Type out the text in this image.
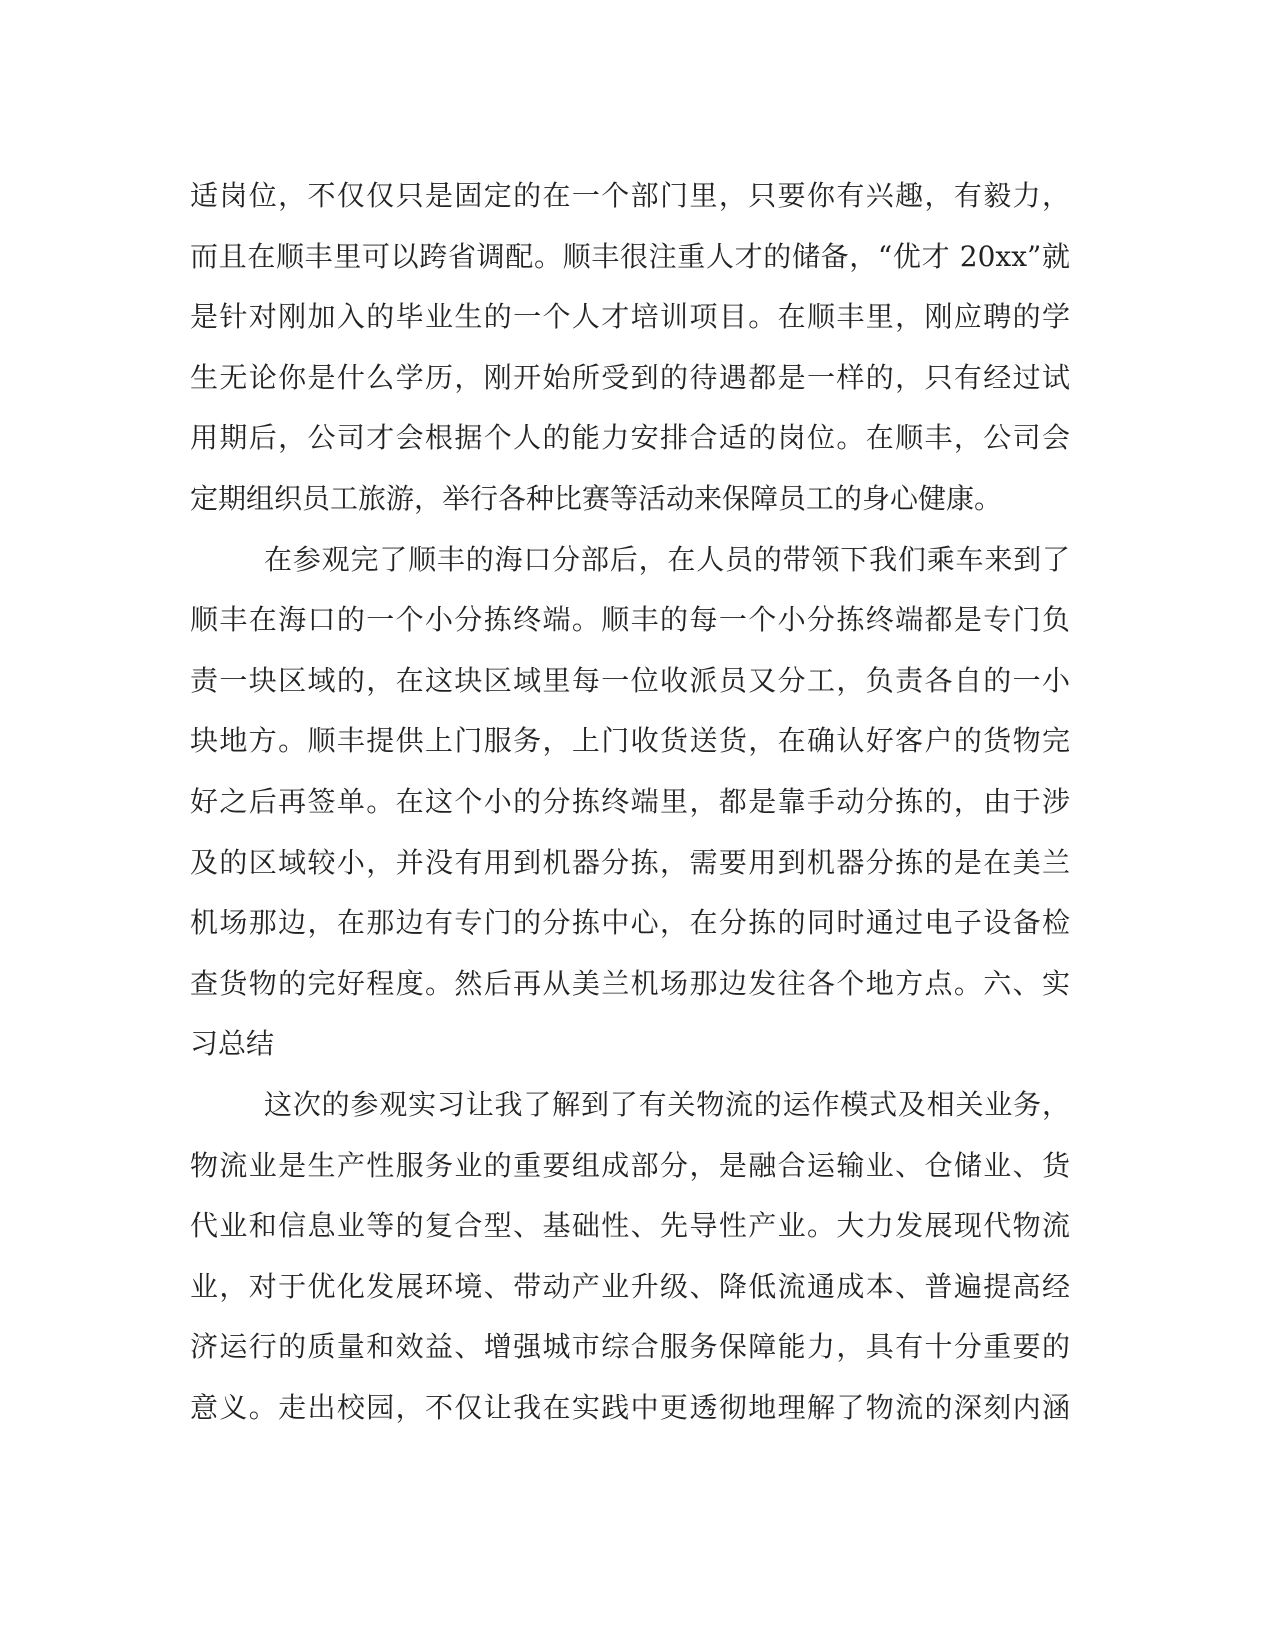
适岗位，不仅仅只是固定的在一个部门里，只要你有兴趣，有毅力，
而且在顺丰里可以跨省调配。顺丰很注重人才的储备，“优才 20xx”就
是针对刚加入的毕业生的一个人才培训项目。在顺丰里，刚应聘的学
生无论你是什么学历，刚开始所受到的待遇都是一样的，只有经过试
用期后，公司才会根据个人的能力安排合适的岗位。在顺丰，公司会
定期组织员工旅游，举行各种比赛等活动来保障员工的身心健康。
在参观完了顺丰的海口分部后，在人员的带领下我们乘车来到了
顺丰在海口的一个小分拣终端。顺丰的每一个小分拣终端都是专门负
责一块区域的，在这块区域里每一位收派员又分工，负责各自的一小
块地方。顺丰提供上门服务，上门收货送货，在确认好客户的货物完
好之后再签单。在这个小的分拣终端里，都是靠手动分拣的，由于涉
及的区域较小，并没有用到机器分拣，需要用到机器分拣的是在美兰
机场那边，在那边有专门的分拣中心，在分拣的同时通过电子设备检
查货物的完好程度。然后再从美兰机场那边发往各个地方点。六、实
习总结
这次的参观实习让我了解到了有关物流的运作模式及相关业务，
物流业是生产性服务业的重要组成部分，是融合运输业、仓储业、货
代业和信息业等的复合型、基础性、先导性产业。大力发展现代物流
业，对于优化发展环境、带动产业升级、降低流通成本、普遍提高经
济运行的质量和效益、增强城市综合服务保障能力，具有十分重要的
意义。走出校园，不仅让我在实践中更透彻地理解了物流的深刻内涵
